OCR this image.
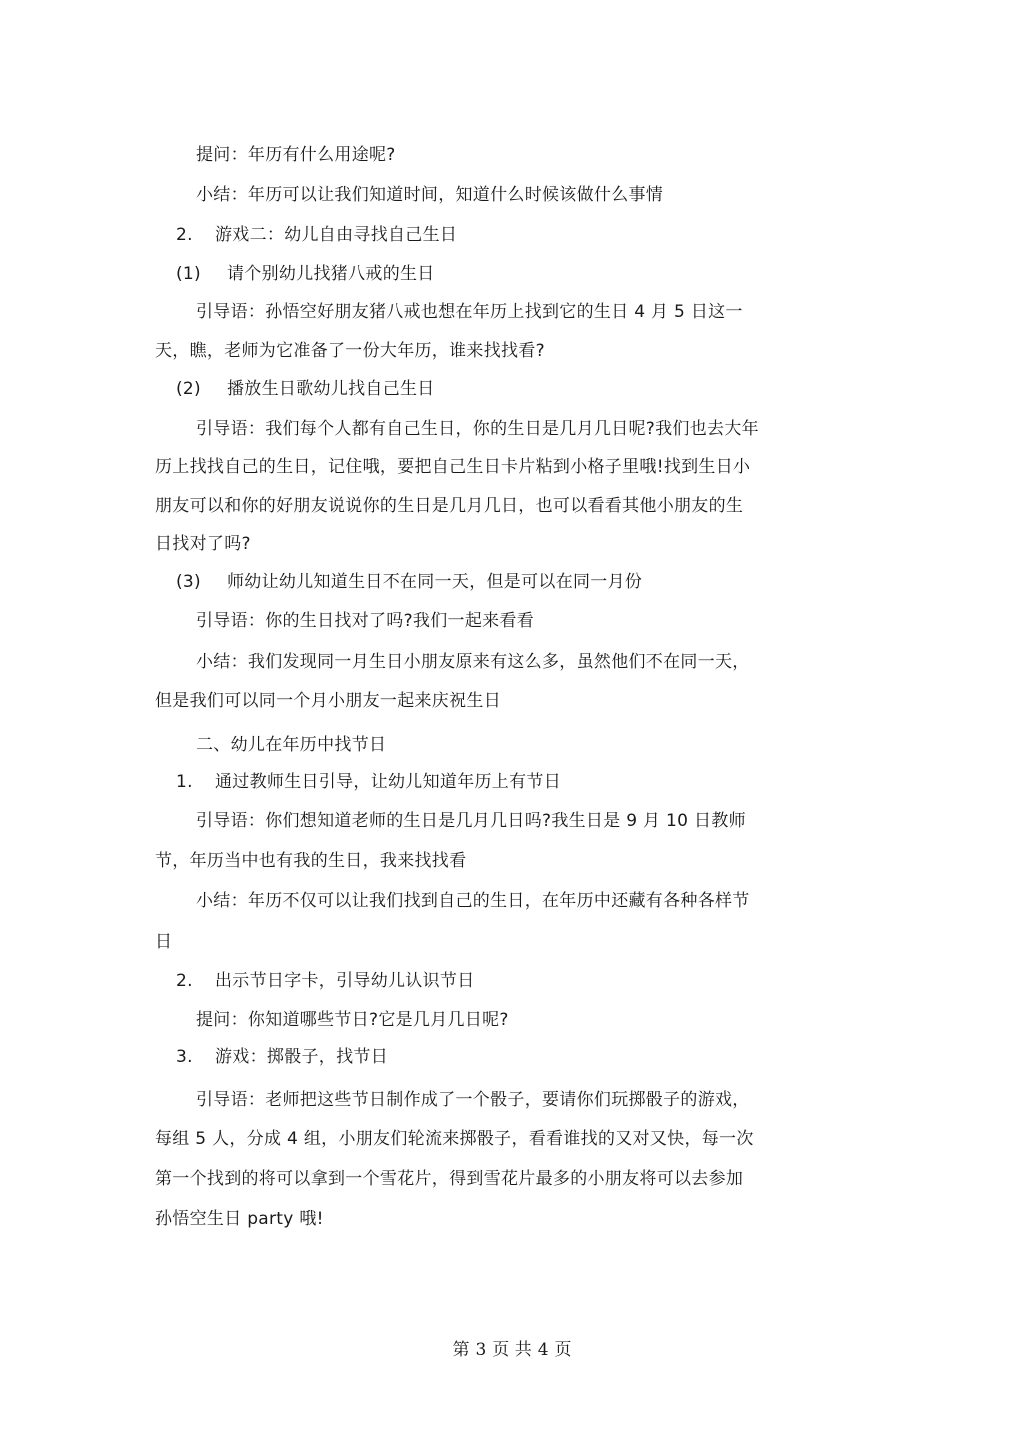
提问：年历有什么用途呢?
小结：年历可以让我们知道时间，知道什么时候该做什么事情
2. 游戏二：幼儿自由寻找自己生日
(1) 请个别幼儿找猪八戒的生日
引导语：孙悟空好朋友猪八戒也想在年历上找到它的生日 4 月 5 日这一
天，瞧，老师为它准备了一份大年历，谁来找找看?
(2) 播放生日歌幼儿找自己生日
引导语：我们每个人都有自己生日，你的生日是几月几日呢?我们也去大年
历上找找自己的生日，记住哦，要把自己生日卡片粘到小格子里哦!找到生日小
朋友可以和你的好朋友说说你的生日是几月几日，也可以看看其他小朋友的生
日找对了吗?
(3) 师幼让幼儿知道生日不在同一天，但是可以在同一月份
引导语：你的生日找对了吗?我们一起来看看
小结：我们发现同一月生日小朋友原来有这么多，虽然他们不在同一天，
但是我们可以同一个月小朋友一起来庆祝生日
二、幼儿在年历中找节日
1. 通过教师生日引导，让幼儿知道年历上有节日
引导语：你们想知道老师的生日是几月几日吗?我生日是 9 月 10 日教师
节，年历当中也有我的生日，我来找找看
小结：年历不仅可以让我们找到自己的生日，在年历中还藏有各种各样节
日
2. 出示节日字卡，引导幼儿认识节日
提问：你知道哪些节日?它是几月几日呢?
3. 游戏：掷骰子，找节日
引导语：老师把这些节日制作成了一个骰子，要请你们玩掷骰子的游戏，
每组 5 人，分成 4 组，小朋友们轮流来掷骰子，看看谁找的又对又快，每一次
第一个找到的将可以拿到一个雪花片，得到雪花片最多的小朋友将可以去参加
孙悟空生日 party 哦!
第 3 页 共 4 页
